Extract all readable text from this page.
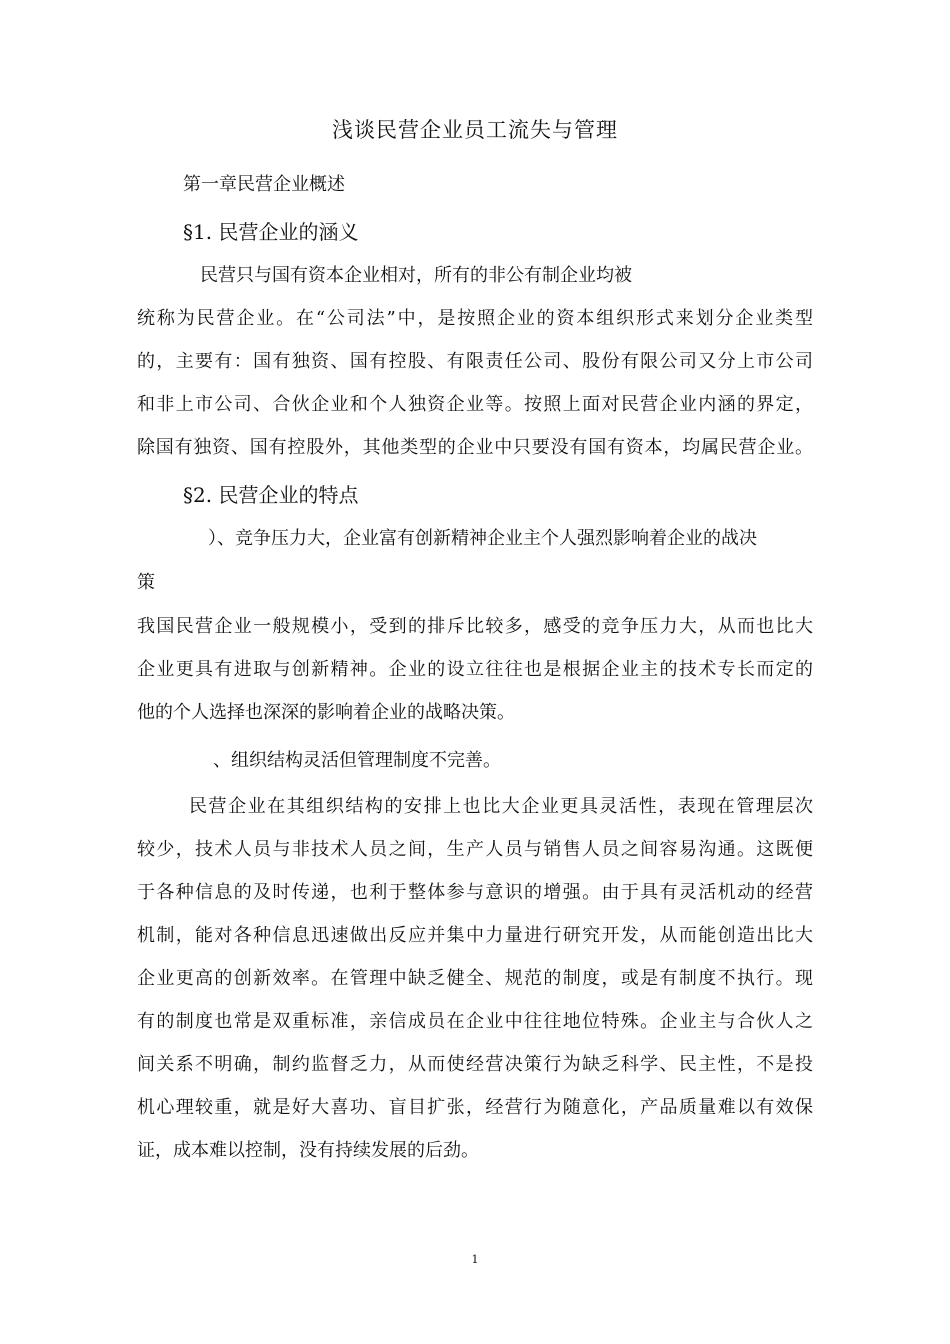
浅谈民营企业员工流失与管理
第一章民营企业概述
§1. 民营企业的涵义
民营只与国有资本企业相对，所有的非公有制企业均被
统称为民营企业。在“公司法”中，是按照企业的资本组织形式来划分企业类型
的，主要有：国有独资、国有控股、有限责任公司、股份有限公司又分上市公司
和非上市公司、合伙企业和个人独资企业等。按照上面对民营企业内涵的界定，
除国有独资、国有控股外，其他类型的企业中只要没有国有资本，均属民营企业。
§2. 民营企业的特点
）、竞争压力大，企业富有创新精神企业主个人强烈影响着企业的战决
策
我国民营企业一般规模小，受到的排斥比较多，感受的竞争压力大，从而也比大
企业更具有进取与创新精神。企业的设立往往也是根据企业主的技术专长而定的
他的个人选择也深深的影响着企业的战略决策。
、组织结构灵活但管理制度不完善。
民营企业在其组织结构的安排上也比大企业更具灵活性，表现在管理层次
较少，技术人员与非技术人员之间，生产人员与销售人员之间容易沟通。这既便
于各种信息的及时传递，也利于整体参与意识的增强。由于具有灵活机动的经营
机制，能对各种信息迅速做出反应并集中力量进行研究开发，从而能创造出比大
企业更高的创新效率。在管理中缺乏健全、规范的制度，或是有制度不执行。现
有的制度也常是双重标准，亲信成员在企业中往往地位特殊。企业主与合伙人之
间关系不明确，制约监督乏力，从而使经营决策行为缺乏科学、民主性，不是投
机心理较重，就是好大喜功、盲目扩张，经营行为随意化，产品质量难以有效保
证，成本难以控制，没有持续发展的后劲。
1
